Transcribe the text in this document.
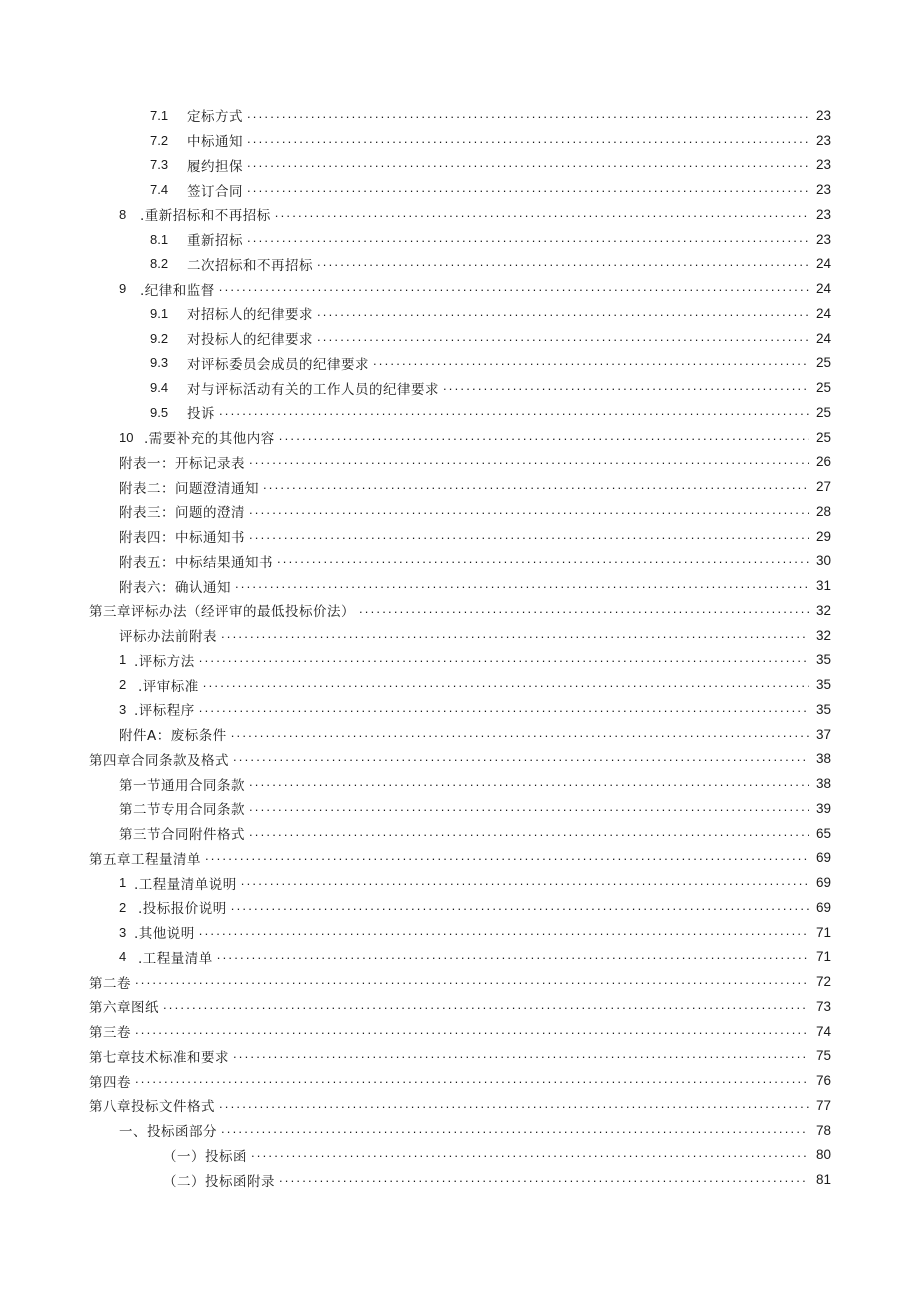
7.1	定标方式 .....	23
7.2	中标通知 .....	23
7.3	履约担保 .....	23
7.4	签订合同 .....	23
8	.重新招标和不再招标 .....	23
8.1	重新招标 .....	23
8.2	二次招标和不再招标 .....	24
9	.纪律和监督 .....	24
9.1	对招标人的纪律要求 .....	24
9.2	对投标人的纪律要求 .....	24
9.3	对评标委员会成员的纪律要求 .....	25
9.4	对与评标活动有关的工作人员的纪律要求 .....	25
9.5	投诉 .....	25
10 .需要补充的其他内容 .....	25
附表一：开标记录表 .....	26
附表二：问题澄清通知 .....	27
附表三：问题的澄清 .....	28
附表四：中标通知书 .....	29
附表五：中标结果通知书 .....	30
附表六：确认通知 .....	31
第三章评标办法（经评审的最低投标价法） .....	32
评标办法前附表 .....	32
1 .评标方法 .....	35
2 .评审标准 .....	35
3 .评标程序 .....	35
附件A：废标条件 .....	37
第四章合同条款及格式 .....	38
第一节通用合同条款 .....	38
第二节专用合同条款 .....	39
第三节合同附件格式 .....	65
第五章工程量清单 .....	69
1 .工程量清单说明 .....	69
2 .投标报价说明 .....	69
3 .其他说明 .....	71
4 .工程量清单 .....	71
第二卷 .....	72
第六章图纸 .....	73
第三卷 .....	74
第七章技术标准和要求 .....	75
第四卷 .....	76
第八章投标文件格式 .....	77
一、投标函部分 .....	78
（一）投标函 .....	80
（二）投标函附录 .....	81
